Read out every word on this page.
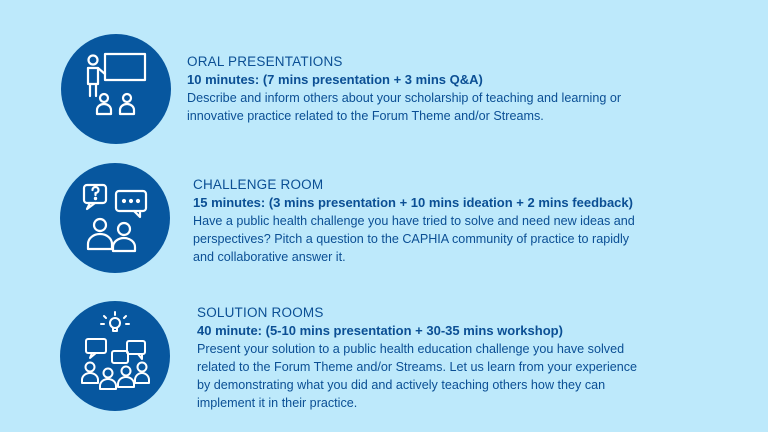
ORAL PRESENTATIONS
10 minutes: (7 mins presentation + 3 mins Q&A)
Describe and inform others about your scholarship of teaching and learning or
innovative practice related to the Forum Theme and/or Streams.
CHALLENGE ROOM
15 minutes: (3 mins presentation + 10 mins ideation + 2 mins feedback)
Have a public health challenge you have tried to solve and need new ideas and
perspectives? Pitch a question to the CAPHIA community of practice to rapidly
and collaborative answer it.
SOLUTION ROOMS
40 minute: (5-10 mins presentation + 30-35 mins workshop)
Present your solution to a public health education challenge you have solved
related to the Forum Theme and/or Streams. Let us learn from your experience
by demonstrating what you did and actively teaching others how they can
implement it in their practice.
